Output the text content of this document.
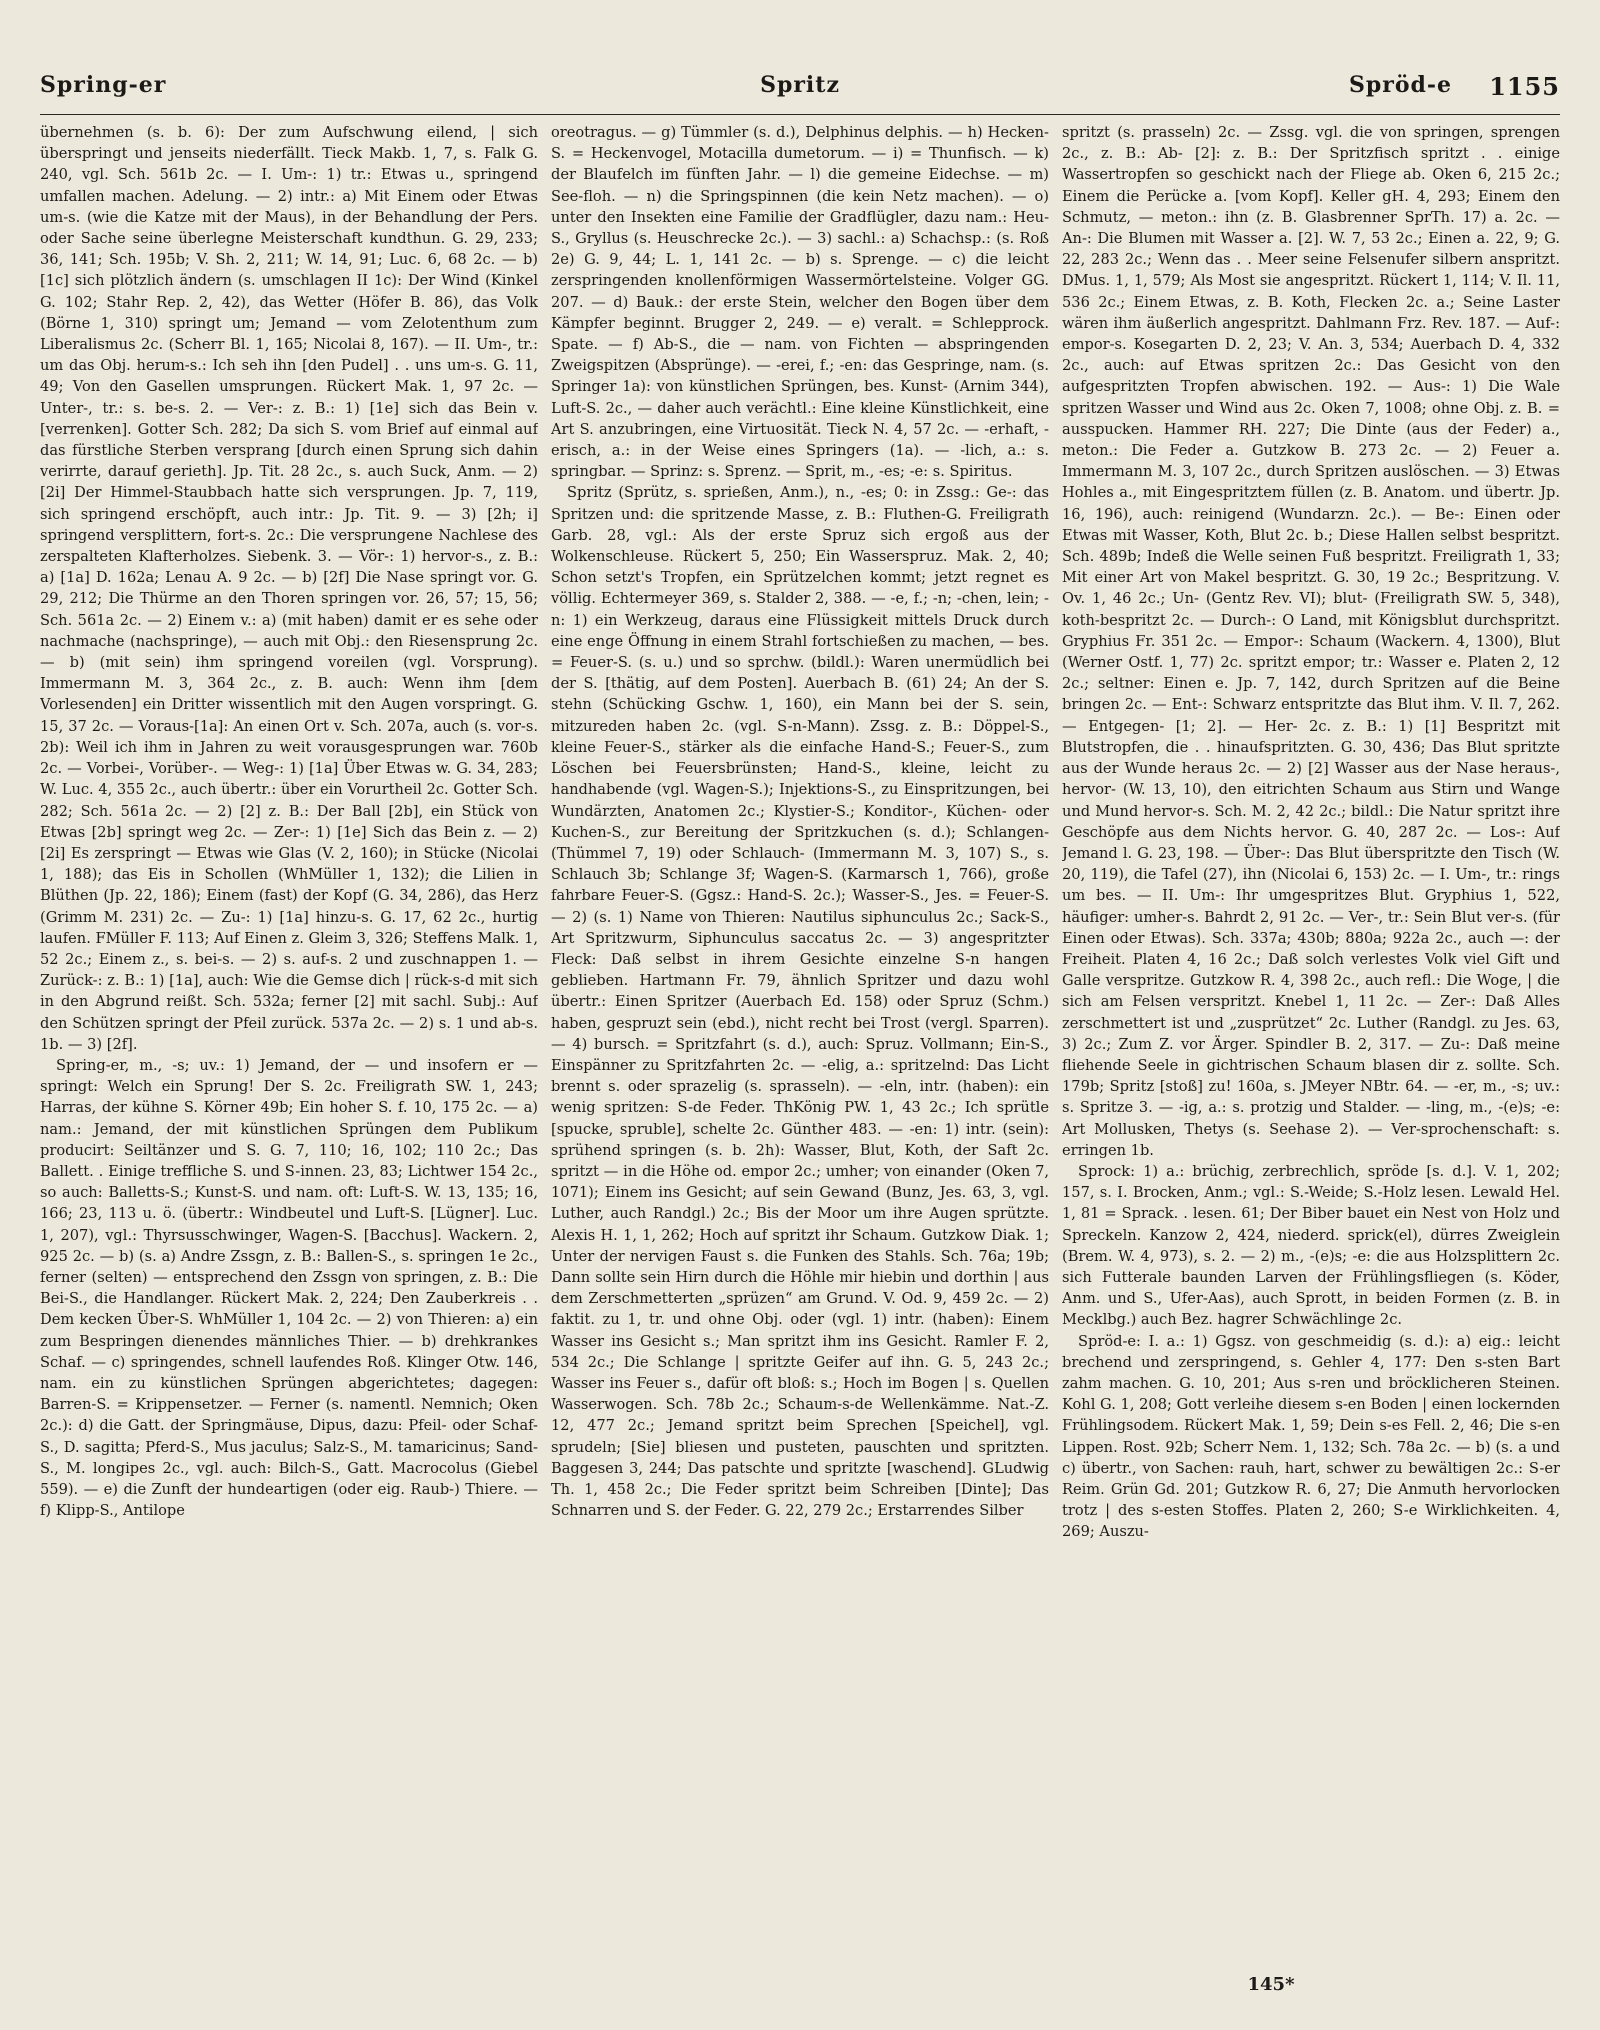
Spring-er	Spritz	Spröd-e 1155

übernehmen (s. b. 6): Der zum Aufschwung eilend, | sich überspringt und jenseits niederfällt. Tieck Makb. 1, 7, s. Falk G. 240, vgl. Sch. 561b 2c. — I. Um-: 1) tr.: Etwas u., springend umfallen machen. Adelung. — 2) intr.: a) Mit Einem oder Etwas um-s. (wie die Katze mit der Maus), in der Behandlung der Pers. oder Sache seine überlegne Meisterschaft kundthun. G. 29, 233; 36, 141; Sch. 195b; V. Sh. 2, 211; W. 14, 91; Luc. 6, 68 2c. — b) [1c] sich plötzlich ändern (s. umschlagen II 1c): Der Wind (Kinkel G. 102; Stahr Rep. 2, 42), das Wetter (Höfer B. 86), das Volk (Börne 1, 310) springt um; Jemand — vom Zelotenthum zum Liberalismus 2c. (Scherr Bl. 1, 165; Nicolai 8, 167). — II. Um-, tr.: um das Obj. herum-s.: Ich seh ihn [den Pudel] . . uns um-s. G. 11, 49; Von den Gasellen umsprungen. Rückert Mak. 1, 97 2c. — Unter-, tr.: s. be-s. 2. — Ver-: z. B.: 1) [1e] sich das Bein v. [verrenken]. Gotter Sch. 282; Da sich S. vom Brief auf einmal auf das fürstliche Sterben versprang [durch einen Sprung sich dahin verirrte, darauf gerieth]. Jp. Tit. 28 2c., s. auch Suck, Anm. — 2) [2i] Der Himmel-Staubbach hatte sich versprungen. Jp. 7, 119, sich springend erschöpft, auch intr.: Jp. Tit. 9. — 3) [2h; i] springend versplittern, fort-s. 2c.: Die versprungene Nachlese des zerspalteten Klafterholzes. Siebenk. 3. — Vör-: 1) hervor-s., z. B.: a) [1a] D. 162a; Lenau A. 9 2c. — b) [2f] Die Nase springt vor. G. 29, 212; Die Thürme an den Thoren springen vor. 26, 57; 15, 56; Sch. 561a 2c. — 2) Einem v.: a) (mit haben) damit er es sehe oder nachmache (nachspringe), — auch mit Obj.: den Riesensprung 2c. — b) (mit sein) ihm springend voreilen (vgl. Vorsprung). Immermann M. 3, 364 2c., z. B. auch: Wenn ihm [dem Vorlesenden] ein Dritter wissentlich mit den Augen vorspringt. G. 15, 37 2c. — Voraus-[1a]: An einen Ort v. Sch. 207a, auch (s. vor-s. 2b): Weil ich ihm in Jahren zu weit vorausgesprungen war. 760b 2c. — Vorbei-, Vorüber-. — Weg-: 1) [1a] Über Etwas w. G. 34, 283; W. Luc. 4, 355 2c., auch übertr.: über ein Vorurtheil 2c. Gotter Sch. 282; Sch. 561a 2c. — 2) [2] z. B.: Der Ball [2b], ein Stück von Etwas [2b] springt weg 2c. — Zer-: 1) [1e] Sich das Bein z. — 2) [2i] Es zerspringt — Etwas wie Glas (V. 2, 160); in Stücke (Nicolai 1, 188); das Eis in Schollen (WhMüller 1, 132); die Lilien in Blüthen (Jp. 22, 186); Einem (fast) der Kopf (G. 34, 286), das Herz (Grimm M. 231) 2c. — Zu-: 1) [1a] hinzu-s. G. 17, 62 2c., hurtig laufen. FMüller F. 113; Auf Einen z. Gleim 3, 326; Steffens Malk. 1, 52 2c.; Einem z., s. bei-s. — 2) s. auf-s. 2 und zuschnappen 1. — Zurück-: z. B.: 1) [1a], auch: Wie die Gemse dich | rück-s-d mit sich in den Abgrund reißt. Sch. 532a; ferner [2] mit sachl. Subj.: Auf den Schützen springt der Pfeil zurück. 537a 2c. — 2) s. 1 und ab-s. 1b. — 3) [2f].

Spring-er, m., -s; uv.: 1) Jemand, der — und insofern er — springt: Welch ein Sprung! Der S. 2c. Freiligrath SW. 1, 243; Harras, der kühne S. Körner 49b; Ein hoher S. f. 10, 175 2c. — a) nam.: Jemand, der mit künstlichen Sprüngen dem Publikum producirt: Seiltänzer und S. G. 7, 110; 16, 102; 110 2c.; Das Ballett. . Einige treffliche S. und S-innen. 23, 83; Lichtwer 154 2c., so auch: Balletts-S.; Kunst-S. und nam. oft: Luft-S. W. 13, 135; 16, 166; 23, 113 u. ö. (übertr.: Windbeutel und Luft-S. [Lügner]. Luc. 1, 207), vgl.: Thyrsusschwinger, Wagen-S. [Bacchus]. Wackern. 2, 925 2c. — b) (s. a) Andre Zssgn, z. B.: Ballen-S., s. springen 1e 2c., ferner (selten) — entsprechend den Zssgn von springen, z. B.: Die Bei-S., die Handlanger. Rückert Mak. 2, 224; Den Zauberkreis . . Dem kecken Über-S. WhMüller 1, 104 2c. — 2) von Thieren: a) ein zum Bespringen dienendes männliches Thier. — b) drehkrankes Schaf. — c) springendes, schnell laufendes Roß. Klinger Otw. 146, nam. ein zu künstlichen Sprüngen abgerichtetes; dagegen: Barren-S. = Krippensetzer. — Ferner (s. namentl. Nemnich; Oken 2c.): d) die Gatt. der Springmäuse, Dipus, dazu: Pfeil- oder Schaf-S., D. sagitta; Pferd-S., Mus jaculus; Salz-S., M. tamaricinus; Sand-S., M. longipes 2c., vgl. auch: Bilch-S., Gatt. Macrocolus (Giebel 559). — e) die Zunft der hundeartigen (oder eig. Raub-) Thiere. — f) Klipp-S., Antilope

oreotragus. — g) Tümmler (s. d.), Delphinus delphis. — h) Hecken-S. = Heckenvogel, Motacilla dumetorum. — i) = Thunfisch. — k) der Blaufelch im fünften Jahr. — l) die gemeine Eidechse. — m) See-floh. — n) die Springspinnen (die kein Netz machen). — o) unter den Insekten eine Familie der Gradflügler, dazu nam.: Heu-S., Gryllus (s. Heuschrecke 2c.). — 3) sachl.: a) Schachsp.: (s. Roß 2e) G. 9, 44; L. 1, 141 2c. — b) s. Sprenge. — c) die leicht zerspringenden knollenförmigen Wassermörtelsteine. Volger GG. 207. — d) Bauk.: der erste Stein, welcher den Bogen über dem Kämpfer beginnt. Brugger 2, 249. — e) veralt. = Schlepprock. Spate. — f) Ab-S., die — nam. von Fichten — abspringenden Zweigspitzen (Absprünge). — -erei, f.; -en: das Gespringe, nam. (s. Springer 1a): von künstlichen Sprüngen, bes. Kunst- (Arnim 344), Luft-S. 2c., — daher auch verächtl.: Eine kleine Künstlichkeit, eine Art S. anzubringen, eine Virtuosität. Tieck N. 4, 57 2c. — -erhaft, -erisch, a.: in der Weise eines Springers (1a). — -lich, a.: s. springbar. — Sprinz: s. Sprenz. — Sprit, m., -es; -e: s. Spiritus.

Spritz (Sprütz, s. sprießen, Anm.), n., -es; 0: in Zssg.: Ge-: das Spritzen und: die spritzende Masse, z. B.: Fluthen-G. Freiligrath Garb. 28, vgl.: Als der erste Spruz sich ergoß aus der Wolkenschleuse. Rückert 5, 250; Ein Wasserspruz. Mak. 2, 40; Schon setzt's Tropfen, ein Sprützelchen kommt; jetzt regnet es völlig. Echtermeyer 369, s. Stalder 2, 388. — -e, f.; -n; -chen, lein; -n: 1) ein Werkzeug, daraus eine Flüssigkeit mittels Druck durch eine enge Öffnung in einem Strahl fortschießen zu machen, — bes. = Feuer-S. (s. u.) und so sprchw. (bildl.): Waren unermüdlich bei der S. [thätig, auf dem Posten]. Auerbach B. (61) 24; An der S. stehn (Schücking Gschw. 1, 160), ein Mann bei der S. sein, mitzureden haben 2c. (vgl. S-n-Mann). Zssg. z. B.: Döppel-S., kleine Feuer-S., stärker als die einfache Hand-S.; Feuer-S., zum Löschen bei Feuersbrünsten; Hand-S., kleine, leicht zu handhabende (vgl. Wagen-S.); Injektions-S., zu Einspritzungen, bei Wundärzten, Anatomen 2c.; Klystier-S.; Konditor-, Küchen- oder Kuchen-S., zur Bereitung der Spritzkuchen (s. d.); Schlangen- (Thümmel 7, 19) oder Schlauch- (Immermann M. 3, 107) S., s. Schlauch 3b; Schlange 3f; Wagen-S. (Karmarsch 1, 766), große fahrbare Feuer-S. (Ggsz.: Hand-S. 2c.); Wasser-S., Jes. = Feuer-S. — 2) (s. 1) Name von Thieren: Nautilus siphunculus 2c.; Sack-S., Art Spritzwurm, Siphunculus saccatus 2c. — 3) angespritzter Fleck: Daß selbst in ihrem Gesichte einzelne S-n hangen geblieben. Hartmann Fr. 79, ähnlich Spritzer und dazu wohl übertr.: Einen Spritzer (Auerbach Ed. 158) oder Spruz (Schm.) haben, gespruzt sein (ebd.), nicht recht bei Trost (vergl. Sparren). — 4) bursch. = Spritzfahrt (s. d.), auch: Spruz. Vollmann; Ein-S., Einspänner zu Spritzfahrten 2c. — -elig, a.: spritzelnd: Das Licht brennt s. oder sprazelig (s. sprasseln). — -eln, intr. (haben): ein wenig spritzen: S-de Feder. ThKönig PW. 1, 43 2c.; Ich sprütle [spucke, spruble], schelte 2c. Günther 483. — -en: 1) intr. (sein): sprühend springen (s. b. 2h): Wasser, Blut, Koth, der Saft 2c. spritzt — in die Höhe od. empor 2c.; umher; von einander (Oken 7, 1071); Einem ins Gesicht; auf sein Gewand (Bunz, Jes. 63, 3, vgl. Luther, auch Randgl.) 2c.; Bis der Moor um ihre Augen sprützte. Alexis H. 1, 1, 262; Hoch auf spritzt ihr Schaum. Gutzkow Diak. 1; Unter der nervigen Faust s. die Funken des Stahls. Sch. 76a; 19b; Dann sollte sein Hirn durch die Höhle mir hiebin und dorthin | aus dem Zerschmetterten „sprüzen“ am Grund. V. Od. 9, 459 2c. — 2) faktit. zu 1, tr. und ohne Obj. oder (vgl. 1) intr. (haben): Einem Wasser ins Gesicht s.; Man spritzt ihm ins Gesicht. Ramler F. 2, 534 2c.; Die Schlange | spritzte Geifer auf ihn. G. 5, 243 2c.; Wasser ins Feuer s., dafür oft bloß: s.; Hoch im Bogen | s. Quellen Wasserwogen. Sch. 78b 2c.; Schaum-s-de Wellenkämme. Nat.-Z. 12, 477 2c.; Jemand spritzt beim Sprechen [Speichel], vgl. sprudeln; [Sie] bliesen und pusteten, pauschten und spritzten. Baggesen 3, 244; Das patschte und spritzte [waschend]. GLudwig Th. 1, 458 2c.; Die Feder spritzt beim Schreiben [Dinte]; Das Schnarren und S. der Feder. G. 22, 279 2c.; Erstarrendes Silber

spritzt (s. prasseln) 2c. — Zssg. vgl. die von springen, sprengen 2c., z. B.: Ab- [2]: z. B.: Der Spritzfisch spritzt . . einige Wassertropfen so geschickt nach der Fliege ab. Oken 6, 215 2c.; Einem die Perücke a. [vom Kopf]. Keller gH. 4, 293; Einem den Schmutz, — meton.: ihn (z. B. Glasbrenner SprTh. 17) a. 2c. — An-: Die Blumen mit Wasser a. [2]. W. 7, 53 2c.; Einen a. 22, 9; G. 22, 283 2c.; Wenn das . . Meer seine Felsenufer silbern anspritzt. DMus. 1, 1, 579; Als Most sie angespritzt. Rückert 1, 114; V. Il. 11, 536 2c.; Einem Etwas, z. B. Koth, Flecken 2c. a.; Seine Laster wären ihm äußerlich angespritzt. Dahlmann Frz. Rev. 187. — Auf-: empor-s. Kosegarten D. 2, 23; V. An. 3, 534; Auerbach D. 4, 332 2c., auch: auf Etwas spritzen 2c.: Das Gesicht von den aufgespritzten Tropfen abwischen. 192. — Aus-: 1) Die Wale spritzen Wasser und Wind aus 2c. Oken 7, 1008; ohne Obj. z. B. = ausspucken. Hammer RH. 227; Die Dinte (aus der Feder) a., meton.: Die Feder a. Gutzkow B. 273 2c. — 2) Feuer a. Immermann M. 3, 107 2c., durch Spritzen auslöschen. — 3) Etwas Hohles a., mit Eingespritztem füllen (z. B. Anatom. und übertr. Jp. 16, 196), auch: reinigend (Wundarzn. 2c.). — Be-: Einen oder Etwas mit Wasser, Koth, Blut 2c. b.; Diese Hallen selbst bespritzt. Sch. 489b; Indeß die Welle seinen Fuß bespritzt. Freiligrath 1, 33; Mit einer Art von Makel bespritzt. G. 30, 19 2c.; Bespritzung. V. Ov. 1, 46 2c.; Un- (Gentz Rev. VI); blut- (Freiligrath SW. 5, 348), koth-bespritzt 2c. — Durch-: O Land, mit Königsblut durchspritzt. Gryphius Fr. 351 2c. — Empor-: Schaum (Wackern. 4, 1300), Blut (Werner Ostf. 1, 77) 2c. spritzt empor; tr.: Wasser e. Platen 2, 12 2c.; seltner: Einen e. Jp. 7, 142, durch Spritzen auf die Beine bringen 2c. — Ent-: Schwarz entspritzte das Blut ihm. V. Il. 7, 262. — Entgegen- [1; 2]. — Her- 2c. z. B.: 1) [1] Bespritzt mit Blutstropfen, die . . hinaufspritzten. G. 30, 436; Das Blut spritzte aus der Wunde heraus 2c. — 2) [2] Wasser aus der Nase heraus-, hervor- (W. 13, 10), den eitrichten Schaum aus Stirn und Wange und Mund hervor-s. Sch. M. 2, 42 2c.; bildl.: Die Natur spritzt ihre Geschöpfe aus dem Nichts hervor. G. 40, 287 2c. — Los-: Auf Jemand l. G. 23, 198. — Über-: Das Blut überspritzte den Tisch (W. 20, 119), die Tafel (27), ihn (Nicolai 6, 153) 2c. — I. Um-, tr.: rings um bes. — II. Um-: Ihr umgespritzes Blut. Gryphius 1, 522, häufiger: umher-s. Bahrdt 2, 91 2c. — Ver-, tr.: Sein Blut ver-s. (für Einen oder Etwas). Sch. 337a; 430b; 880a; 922a 2c., auch —: der Freiheit. Platen 4, 16 2c.; Daß solch verlestes Volk viel Gift und Galle verspritze. Gutzkow R. 4, 398 2c., auch refl.: Die Woge, | die sich am Felsen verspritzt. Knebel 1, 11 2c. — Zer-: Daß Alles zerschmettert ist und „zusprützet“ 2c. Luther (Randgl. zu Jes. 63, 3) 2c.; Zum Z. vor Ärger. Spindler B. 2, 317. — Zu-: Daß meine fliehende Seele in gichtrischen Schaum blasen dir z. sollte. Sch. 179b; Spritz [stoß] zu! 160a, s. JMeyer NBtr. 64. — -er, m., -s; uv.: s. Spritze 3. — -ig, a.: s. protzig und Stalder. — -ling, m., -(e)s; -e: Art Mollusken, Thetys (s. Seehase 2). — Ver-sprochenschaft: s. erringen 1b.

Sprock: 1) a.: brüchig, zerbrechlich, spröde [s. d.]. V. 1, 202; 157, s. I. Brocken, Anm.; vgl.: S.-Weide; S.-Holz lesen. Lewald Hel. 1, 81 = Sprack. . lesen. 61; Der Biber bauet ein Nest von Holz und Spreckeln. Kanzow 2, 424, niederd. sprick(el), dürres Zweiglein (Brem. W. 4, 973), s. 2. — 2) m., -(e)s; -e: die aus Holzsplittern 2c. sich Futterale baunden Larven der Frühlingsfliegen (s. Köder, Anm. und S., Ufer-Aas), auch Sprott, in beiden Formen (z. B. in Mecklbg.) auch Bez. hagrer Schwächlinge 2c.

Spröd-e: I. a.: 1) Ggsz. von geschmeidig (s. d.): a) eig.: leicht brechend und zerspringend, s. Gehler 4, 177: Den s-sten Bart zahm machen. G. 10, 201; Aus s-ren und bröcklicheren Steinen. Kohl G. 1, 208; Gott verleihe diesem s-en Boden | einen lockernden Frühlingsodem. Rückert Mak. 1, 59; Dein s-es Fell. 2, 46; Die s-en Lippen. Rost. 92b; Scherr Nem. 1, 132; Sch. 78a 2c. — b) (s. a und c) übertr., von Sachen: rauh, hart, schwer zu bewältigen 2c.: S-er Reim. Grün Gd. 201; Gutzkow R. 6, 27; Die Anmuth hervorlocken trotz | des s-esten Stoffes. Platen 2, 260; S-e Wirklichkeiten. 4, 269; Auszu-

145*
